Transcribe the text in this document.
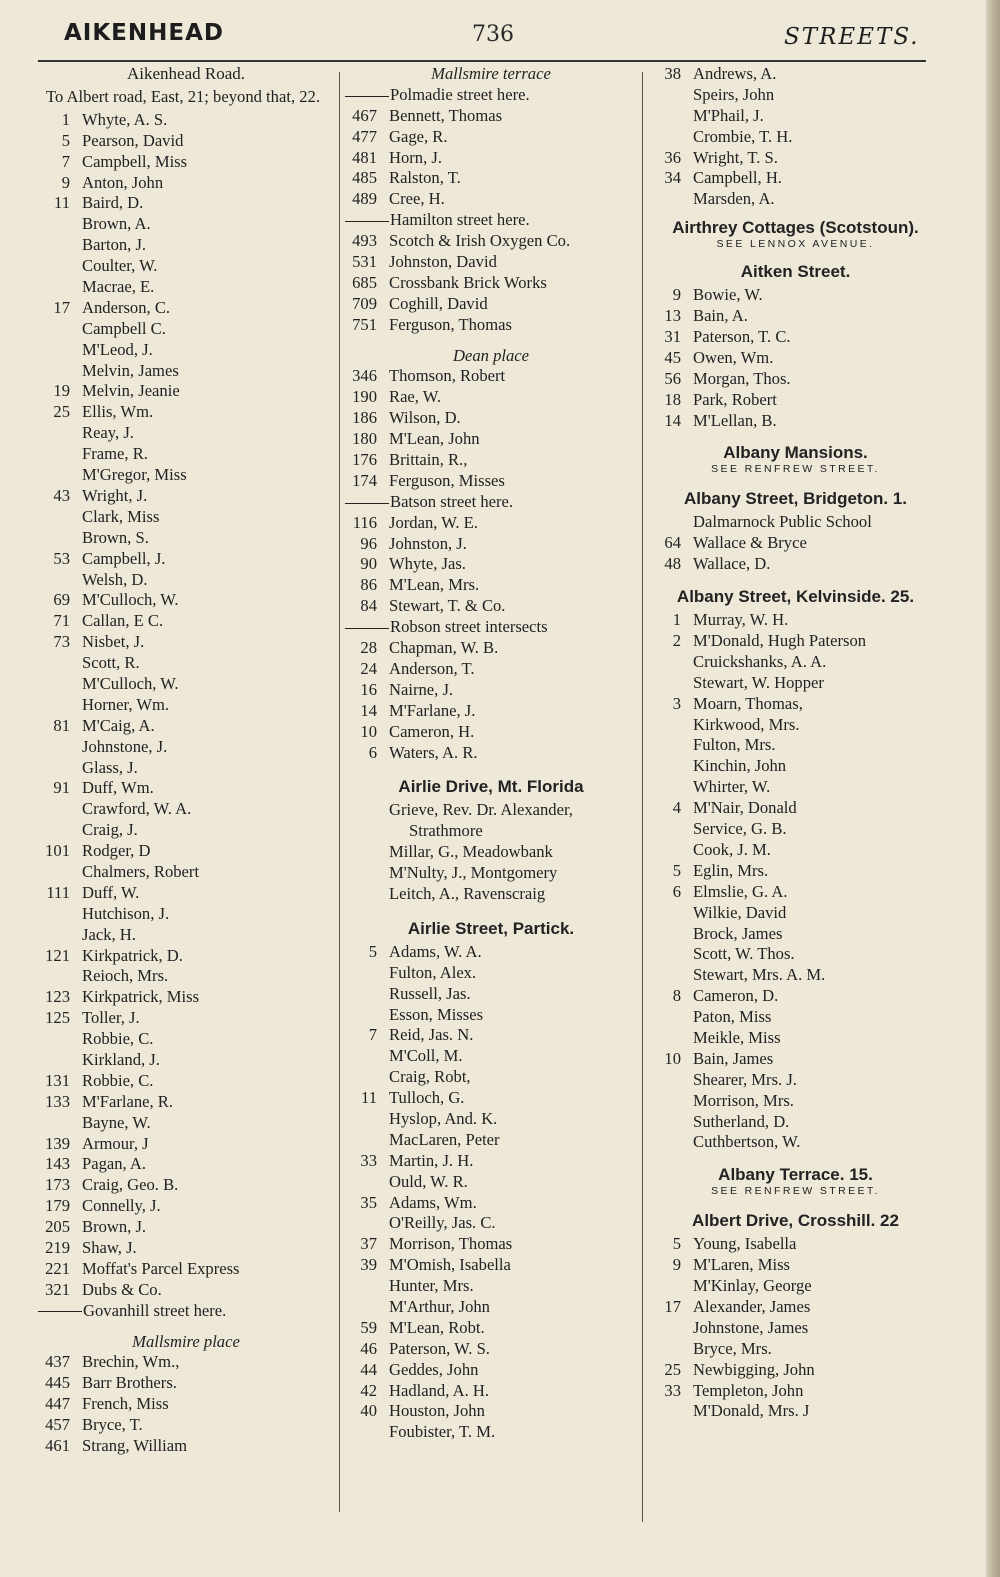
AIKENHEAD	736	STREETS.
Aikenhead Road.
To Albert road, East, 21; beyond that, 22.
1 Whyte, A. S.
5 Pearson, David
7 Campbell, Miss
9 Anton, John
11 Baird, D.
Brown, A.
Barton, J.
Coulter, W.
Macrae, E.
17 Anderson, C.
Campbell C.
M'Leod, J.
Melvin, James
19 Melvin, Jeanie
25 Ellis, Wm.
Reay, J.
Frame, R.
M'Gregor, Miss
43 Wright, J.
Clark, Miss
Brown, S.
53 Campbell, J.
Welsh, D.
69 M'Culloch, W.
71 Callan, E C.
73 Nisbet, J.
Scott, R.
M'Culloch, W.
Horner, Wm.
81 M'Caig, A.
Johnstone, J.
Glass, J.
91 Duff, Wm.
Crawford, W. A.
Craig, J.
101 Rodger, D
Chalmers, Robert
111 Duff, W.
Hutchison, J.
Jack, H.
121 Kirkpatrick, D.
Reioch, Mrs.
123 Kirkpatrick, Miss
125 Toller, J.
Robbie, C.
Kirkland, J.
131 Robbie, C.
133 M'Farlane, R.
Bayne, W.
139 Armour, J
143 Pagan, A.
173 Craig, Geo. B.
179 Connelly, J.
205 Brown, J.
219 Shaw, J.
221 Moffat's Parcel Express
321 Dubs & Co.
Govanhill street here.
Mallsmire place
437 Brechin, Wm.,
445 Barr Brothers.
447 French, Miss
457 Bryce, T.
461 Strang, William
Mallsmire terrace
Polmadie street here.
467 Bennett, Thomas
477 Gage, R.
481 Horn, J.
485 Ralston, T.
489 Cree, H.
Hamilton street here.
493 Scotch & Irish Oxygen Co.
531 Johnston, David
685 Crossbank Brick Works
709 Coghill, David
751 Ferguson, Thomas
Dean place
346 Thomson, Robert
190 Rae, W.
186 Wilson, D.
180 M'Lean, John
176 Brittain, R.,
174 Ferguson, Misses
Batson street here.
116 Jordan, W. E.
96 Johnston, J.
90 Whyte, Jas.
86 M'Lean, Mrs.
84 Stewart, T. & Co.
Robson street intersects
28 Chapman, W. B.
24 Anderson, T.
16 Nairne, J.
14 M'Farlane, J.
10 Cameron, H.
6 Waters, A. R.
Airlie Drive, Mt. Florida
Grieve, Rev. Dr. Alexander,
Strathmore
Millar, G., Meadowbank
M'Nulty, J., Montgomery
Leitch, A., Ravenscraig
Airlie Street, Partick.
5 Adams, W. A.
Fulton, Alex.
Russell, Jas.
Esson, Misses
7 Reid, Jas. N.
M'Coll, M.
Craig, Robt,
11 Tulloch, G.
Hyslop, And. K.
MacLaren, Peter
33 Martin, J. H.
Ould, W. R.
35 Adams, Wm.
O'Reilly, Jas. C.
37 Morrison, Thomas
39 M'Omish, Isabella
Hunter, Mrs.
M'Arthur, John
59 M'Lean, Robt.
46 Paterson, W. S.
44 Geddes, John
42 Hadland, A. H.
40 Houston, John
Foubister, T. M.
38 Andrews, A.
Speirs, John
M'Phail, J.
Crombie, T. H.
36 Wright, T. S.
34 Campbell, H.
Marsden, A.
Airthrey Cottages (Scotstoun).
SEE LENNOX AVENUE.
Aitken Street.
9 Bowie, W.
13 Bain, A.
31 Paterson, T. C.
45 Owen, Wm.
56 Morgan, Thos.
18 Park, Robert
14 M'Lellan, B.
Albany Mansions.
SEE RENFREW STREET.
Albany Street, Bridgeton. 1.
Dalmarnock Public School
64 Wallace & Bryce
48 Wallace, D.
Albany Street, Kelvinside. 25.
1 Murray, W. H.
2 M'Donald, Hugh Paterson
Cruickshanks, A. A.
Stewart, W. Hopper
3 Moarn, Thomas,
Kirkwood, Mrs.
Fulton, Mrs.
Kinchin, John
Whirter, W.
4 M'Nair, Donald
Service, G. B.
Cook, J. M.
5 Eglin, Mrs.
6 Elmslie, G. A.
Wilkie, David
Brock, James
Scott, W. Thos.
Stewart, Mrs. A. M.
8 Cameron, D.
Paton, Miss
Meikle, Miss
10 Bain, James
Shearer, Mrs. J.
Morrison, Mrs.
Sutherland, D.
Cuthbertson, W.
Albany Terrace. 15.
SEE RENFREW STREET.
Albert Drive, Crosshill. 22
5 Young, Isabella
9 M'Laren, Miss
M'Kinlay, George
17 Alexander, James
Johnstone, James
Bryce, Mrs.
25 Newbigging, John
33 Templeton, John
M'Donald, Mrs. J
